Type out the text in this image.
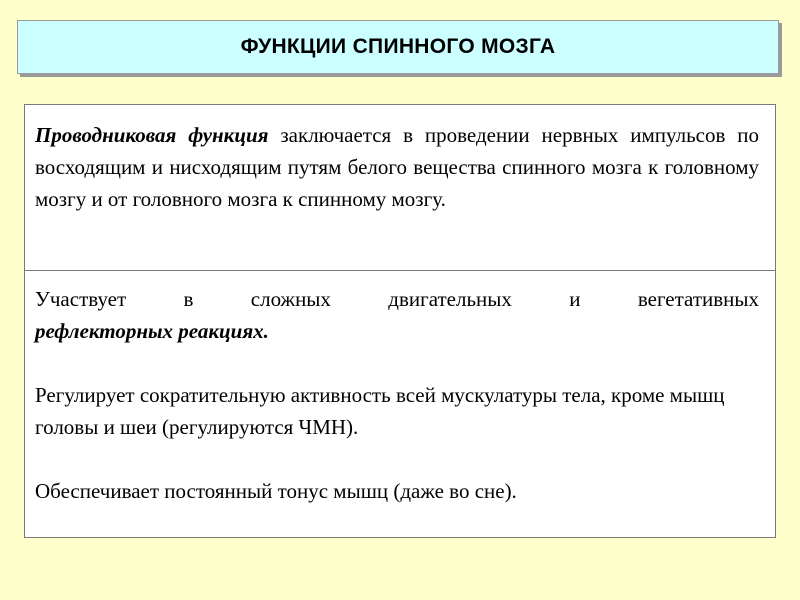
ФУНКЦИИ СПИННОГО МОЗГА

Проводниковая функция заключается в проведении нервных импульсов по восходящим и нисходящим путям белого вещества спинного мозга к головному мозгу и от головного мозга к спинному мозгу.

Участвует в сложных двигательных и вегетативных
рефлекторных реакциях.
Регулирует сократительную активность всей мускулатуры тела, кроме мышц головы и шеи (регулируются ЧМН).
Обеспечивает постоянный тонус мышц (даже во сне).
